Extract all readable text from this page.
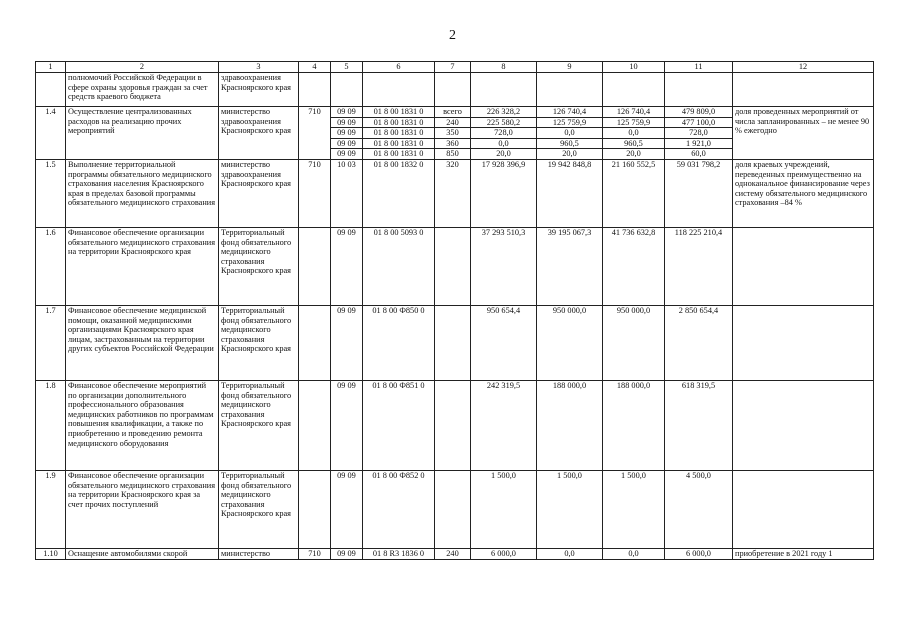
2
1	2	3	4	5	6	7	8	9	10	11	12
	полномочий Российской Федерации в сфере охраны здоровья граждан за счет средств краевого бюджета	здравоохранения Красноярского края									
1.4	Осуществление централизованных расходов на реализацию прочих мероприятий	министерство здравоохранения Красноярского края	710	09 09	01 8 00 1831 0	всего	226 328,2	126 740,4	126 740,4	479 809,0	доля проведенных мероприятий от числа запланированных – не менее 90 % ежегодно
				09 09	01 8 00 1831 0	240	225 580,2	125 759,9	125 759,9	477 100,0	
				09 09	01 8 00 1831 0	350	728,0	0,0	0,0	728,0	
				09 09	01 8 00 1831 0	360	0,0	960,5	960,5	1 921,0	
				09 09	01 8 00 1831 0	850	20,0	20,0	20,0	60,0	
1.5	Выполнение территориальной программы обязательного медицинского страхования населения Красноярского края в пределах базовой программы обязательного медицинского страхования	министерство здравоохранения Красноярского края	710	10 03	01 8 00 1832 0	320	17 928 396,9	19 942 848,8	21 160 552,5	59 031 798,2	доля краевых учреждений, переведенных преимущественно на одноканальное финансирование через систему обязательного медицинского страхования –84 %
1.6	Финансовое обеспечение организации обязательного медицинского страхования на территории Красноярского края	Территориальный фонд обязательного медицинского страхования Красноярского края		09 09	01 8 00 5093 0		37 293 510,3	39 195 067,3	41 736 632,8	118 225 210,4	
1.7	Финансовое обеспечение медицинской помощи, оказанной медицинскими организациями Красноярского края лицам, застрахованным на территории других субъектов Российской Федерации	Территориальный фонд обязательного медицинского страхования Красноярского края		09 09	01 8 00 Ф850 0		950 654,4	950 000,0	950 000,0	2 850 654,4	
1.8	Финансовое обеспечение мероприятий по организации дополнительного профессионального образования медицинских работников по программам повышения квалификации, а также по приобретению и проведению ремонта медицинского оборудования	Территориальный фонд обязательного медицинского страхования Красноярского края		09 09	01 8 00 Ф851 0		242 319,5	188 000,0	188 000,0	618 319,5	
1.9	Финансовое обеспечение организации обязательного медицинского страхования на территории Красноярского края за счет прочих поступлений	Территориальный фонд обязательного медицинского страхования Красноярского края		09 09	01 8 00 Ф852 0		1 500,0	1 500,0	1 500,0	4 500,0	
1.10	Оснащение автомобилями скорой	министерство	710	09 09	01 8 R3 1836 0	240	6 000,0	0,0	0,0	6 000,0	приобретение в 2021 году 1
